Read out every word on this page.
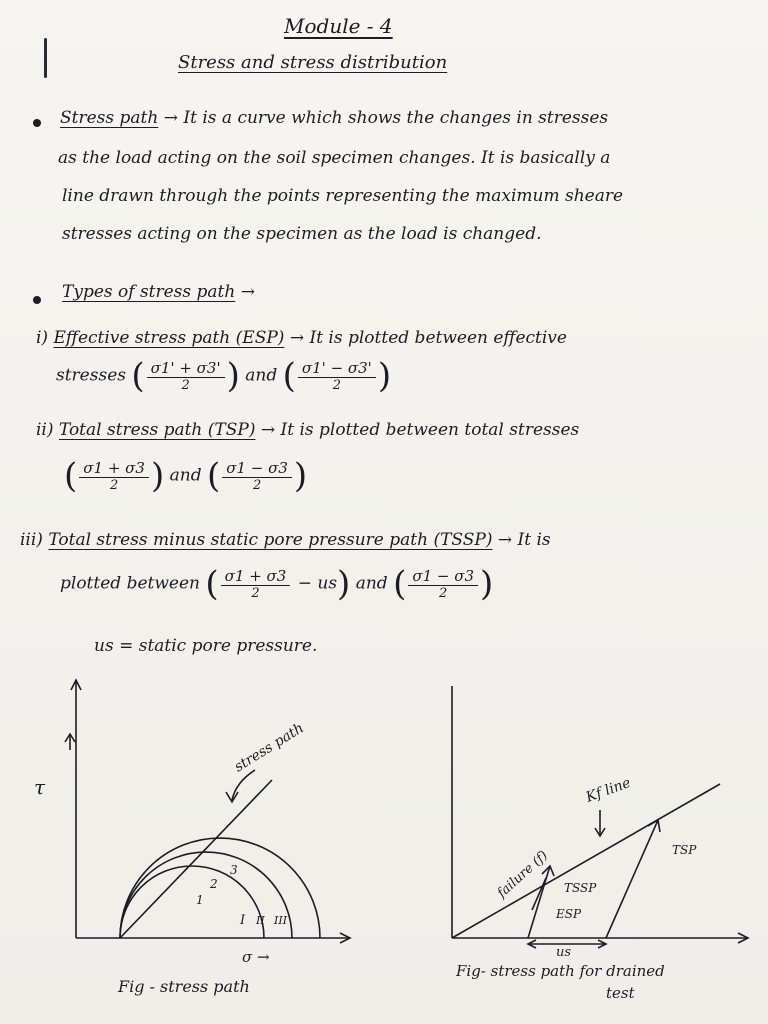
Module - 4
Stress and stress distribution
Stress path → It is a curve which shows the changes in stresses
as the load acting on the soil specimen changes. It is basically a
line drawn through the points representing the maximum sheare
stresses acting on the specimen as the load is changed.
Types of stress path →
i) Effective stress path (ESP) → It is plotted between effective
stresses ( $\frac{\sigma 1' + \sigma 3'}{2}$ ) and ( $\frac{\sigma 1' - \sigma 3'}{2}$ )
ii) Total stress path (TSP) → It is plotted between total stresses
( $\frac{\sigma 1 + \sigma 3}{2}$ ) and ( $\frac{\sigma 1 - \sigma 3}{2}$ )
iii) Total stress minus static pore pressure path (TSSP) → It is
plotted between ( $\frac{\sigma 1 + \sigma 3}{2} - us$) and ( $\frac{\sigma 1 - \sigma 3}{2}$ )
us = static pore pressure.
τ
stress path
1
2
3
I II III
σ →
Fig - stress path
Kf line
failure (f)	TSP
TSSP
ESP
us
Fig- stress path for drained
test
